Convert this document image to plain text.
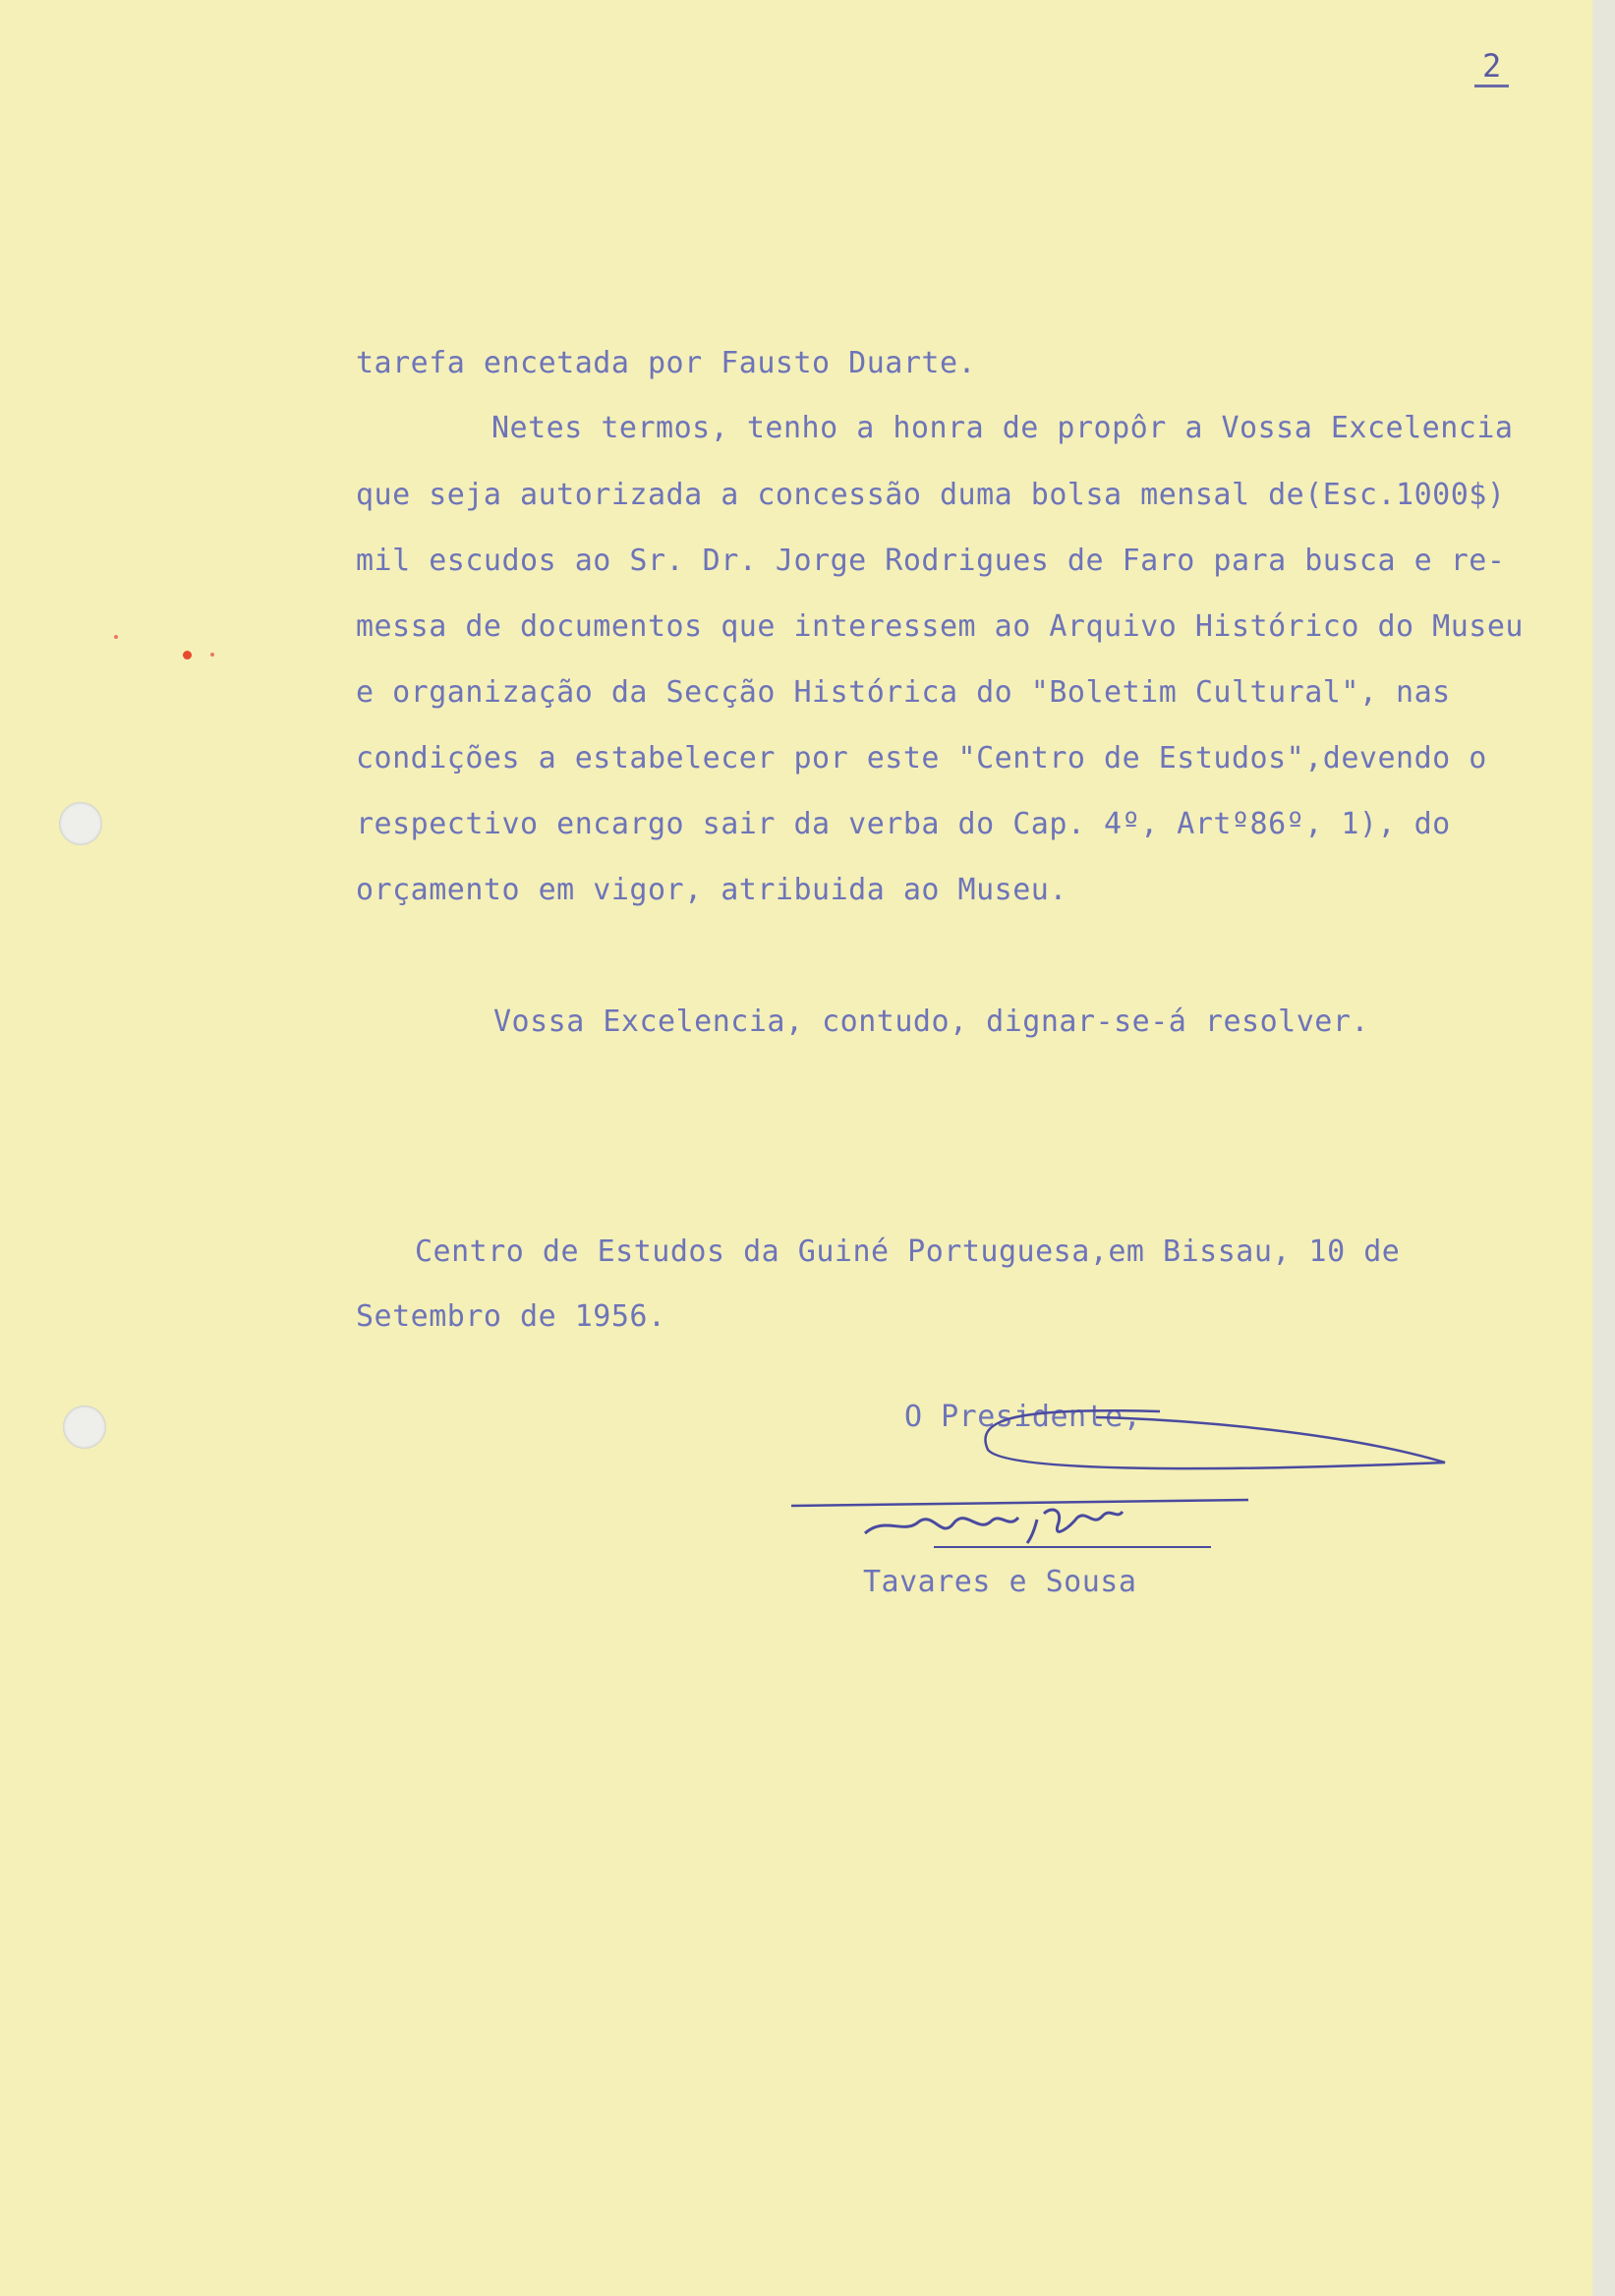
2
tarefa encetada por Fausto Duarte.
Netes termos, tenho a honra de propôr a Vossa Excelencia
que seja autorizada a concessão duma bolsa mensal de(Esc.1000$)
mil escudos ao Sr. Dr. Jorge Rodrigues de Faro para busca e re-
messa de documentos que interessem ao Arquivo Histórico do Museu
e organização da Secção Histórica do "Boletim Cultural", nas
condições a estabelecer por este "Centro de Estudos",devendo o
respectivo encargo sair da verba do Cap. 4º, Artº86º, 1), do
orçamento em vigor, atribuida ao Museu.
Vossa Excelencia, contudo, dignar-se-á resolver.
Centro de Estudos da Guiné Portuguesa,em Bissau, 10 de
Setembro de 1956.
O Presidente,
Tavares e Sousa
